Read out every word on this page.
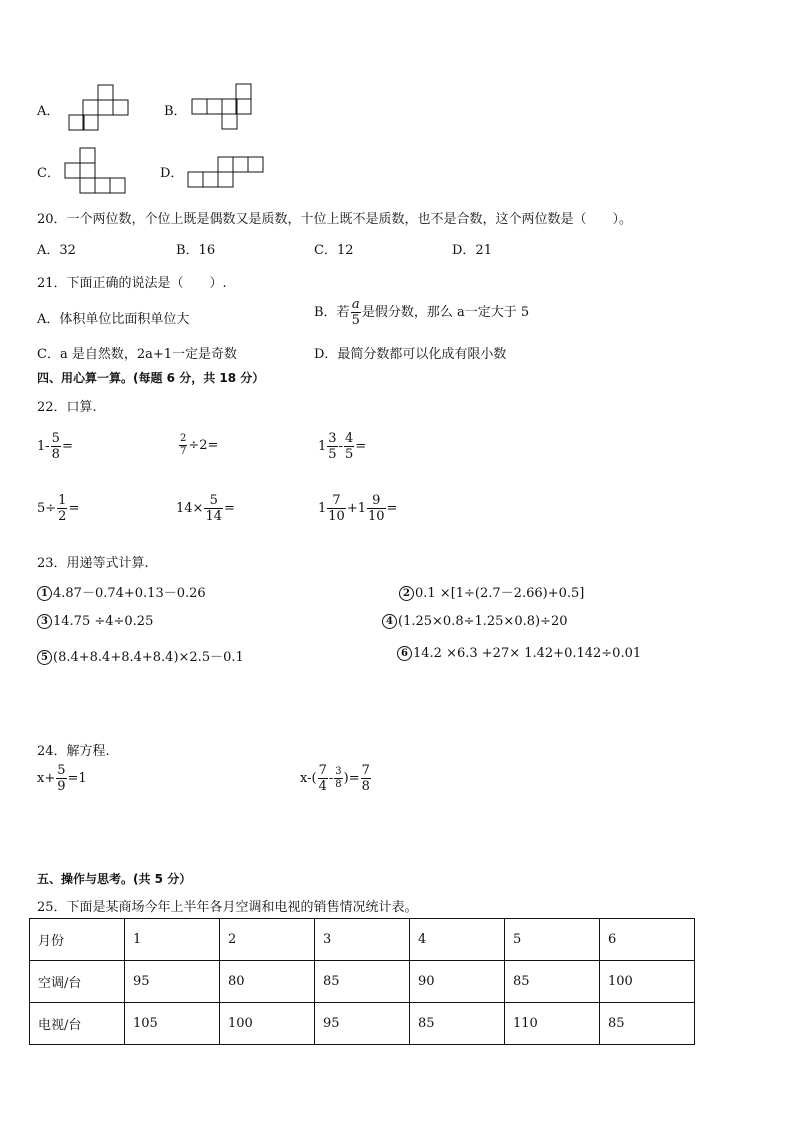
A．	B．
C．	D．
20．一个两位数，个位上既是偶数又是质数，十位上既不是质数，也不是合数，这个两位数是（　　）。
A．32	B．16	C．12	D．21
21．下面正确的说法是（　　）.
A．体积单位比面积单位大	B．若 $\frac{a}{5}$ 是假分数，那么 a一定大于 5
C．a 是自然数，2a+1一定是奇数	D．最简分数都可以化成有限小数
四、用心算一算。(每题 6 分，共 18 分）
22．口算.
$1- \frac{5}{8}$ =	$\frac{2}{7} \div 2=$	$1 \frac{3}{5} - \frac{4}{5}$ =
$5\div \frac{1}{2}$ =	$14\times \frac{5}{14}$ =	$1 \frac{7}{10} +1 \frac{9}{10}$ =
23．用递等式计算.
1 4.87－0.74+0.13－0.26	2 0.1 ×[1÷(2.7－2.66)+0.5]
3 14.75 ÷4÷0.25	4 (1.25×0.8÷1.25×0.8)÷20
5 (8.4+8.4+8.4+8.4)×2.5－0.1	6 14.2 ×6.3 +27× 1.42+0.142÷0.01
24．解方程.
$x+ \frac{5}{9} =1$	$x-( \frac{7}{4} - \frac{3}{8}$ )= $\frac{7}{8}$
五、操作与思考。(共 5 分）
25．下面是某商场今年上半年各月空调和电视的销售情况统计表。
月份	1	2	3	4	5	6
空调/台	95	80	85	90	85	100
电视/台	105	100	95	85	110	85
